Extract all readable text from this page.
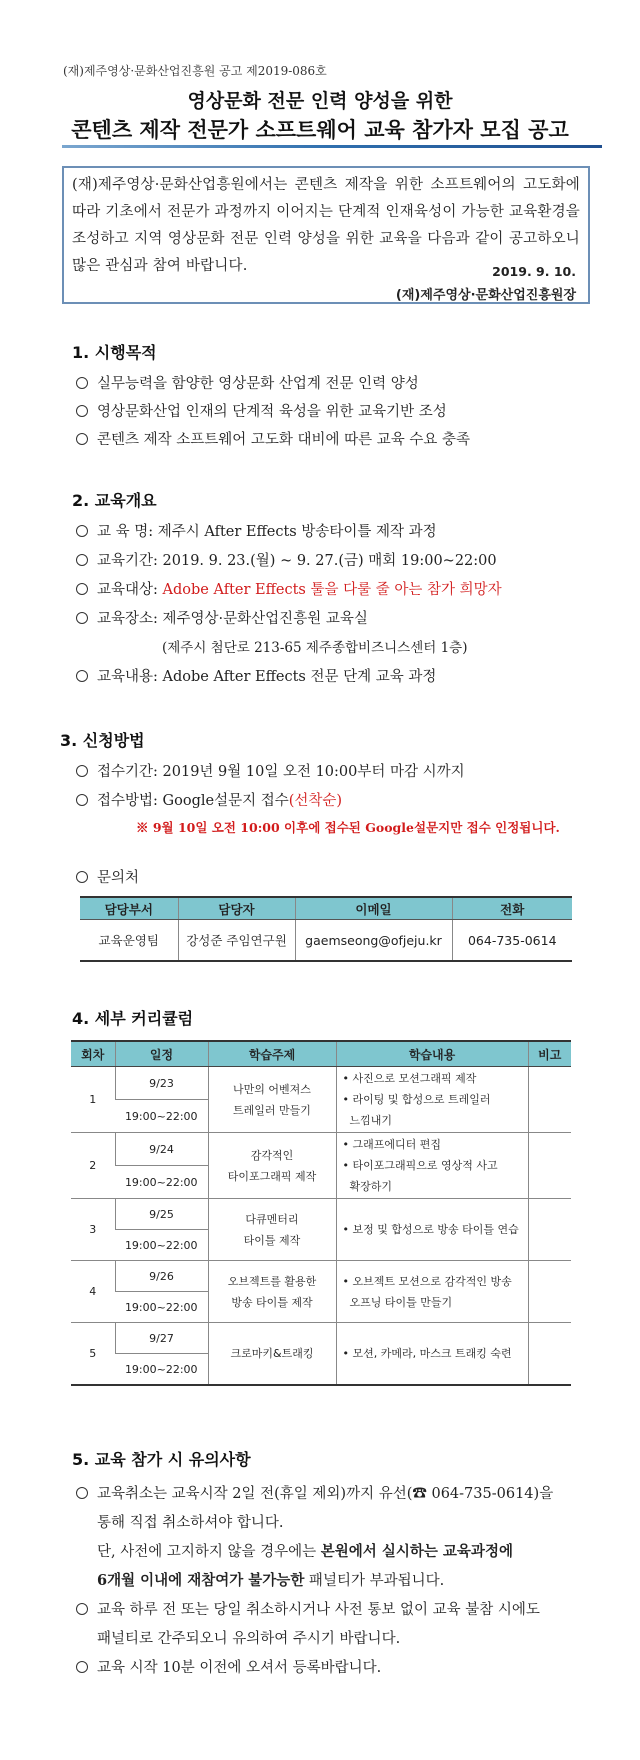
(재)제주영상·문화산업진흥원 공고 제2019-086호
영상문화 전문 인력 양성을 위한
콘텐츠 제작 전문가 소프트웨어 교육 참가자 모집 공고
(재)제주영상·문화산업흥원에서는 콘텐츠 제작을 위한 소프트웨어의 고도화에 따라 기초에서 전문가 과정까지 이어지는 단계적 인재육성이 가능한 교육환경을 조성하고 지역 영상문화 전문 인력 양성을 위한 교육을 다음과 같이 공고하오니 많은 관심과 참여 바랍니다.	2019. 9. 10.
(재)제주영상·문화산업진흥원장
1. 시행목적
실무능력을 함양한 영상문화 산업계 전문 인력 양성
영상문화산업 인재의 단계적 육성을 위한 교육기반 조성
콘텐츠 제작 소프트웨어 고도화 대비에 따른 교육 수요 충족
2. 교육개요
교 육 명: 제주시 After Effects 방송타이틀 제작 과정
교육기간: 2019. 9. 23.(월) ~ 9. 27.(금) 매회 19:00~22:00
교육대상: Adobe After Effects 툴을 다룰 줄 아는 참가 희망자
교육장소: 제주영상·문화산업진흥원 교육실
(제주시 첨단로 213-65 제주종합비즈니스센터 1층)
교육내용: Adobe After Effects 전문 단계 교육 과정
3. 신청방법
접수기간: 2019년 9월 10일 오전 10:00부터 마감 시까지
접수방법: Google설문지 접수(선착순)
※ 9월 10일 오전 10:00 이후에 접수된 Google설문지만 접수 인정됩니다.
문의처
담당부서	담당자	이메일	전화
교육운영팀	강성준 주임연구원	gaemseong@ofjeju.kr	064-735-0614
4. 세부 커리큘럼
회차	일정	학습주제	학습내용	비고
1	9/23	나만의 어벤져스
트레일러 만들기	• 사진으로 모션그래픽 제작
• 라이팅 및 합성으로 트레일러
느낌내기	

	19:00~22:00			
2	9/24	감각적인
타이포그래픽 제작	• 그래프에디터 편집
• 타이포그래픽으로 영상적 사고
확장하기	

	19:00~22:00			
3	9/25	다큐멘터리
타이틀 제작	• 보정 및 합성으로 방송 타이틀 연습	

	19:00~22:00			
4	9/26	오브젝트를 활용한
방송 타이틀 제작	• 오브젝트 모션으로 감각적인 방송
오프닝 타이틀 만들기	

	19:00~22:00			
5	9/27	크로마키&트래킹	• 모션, 카메라, 마스크 트래킹 숙련	
	19:00~22:00			
5. 교육 참가 시 유의사항
교육취소는 교육시작 2일 전(휴일 제외)까지 유선(☎ 064-735-0614)을
통해 직접 취소하셔야 합니다.
단, 사전에 고지하지 않을 경우에는 본원에서 실시하는 교육과정에
6개월 이내에 재참여가 불가능한 패널티가 부과됩니다.
교육 하루 전 또는 당일 취소하시거나 사전 통보 없이 교육 불참 시에도
패널티로 간주되오니 유의하여 주시기 바랍니다.
교육 시작 10분 이전에 오셔서 등록바랍니다.
